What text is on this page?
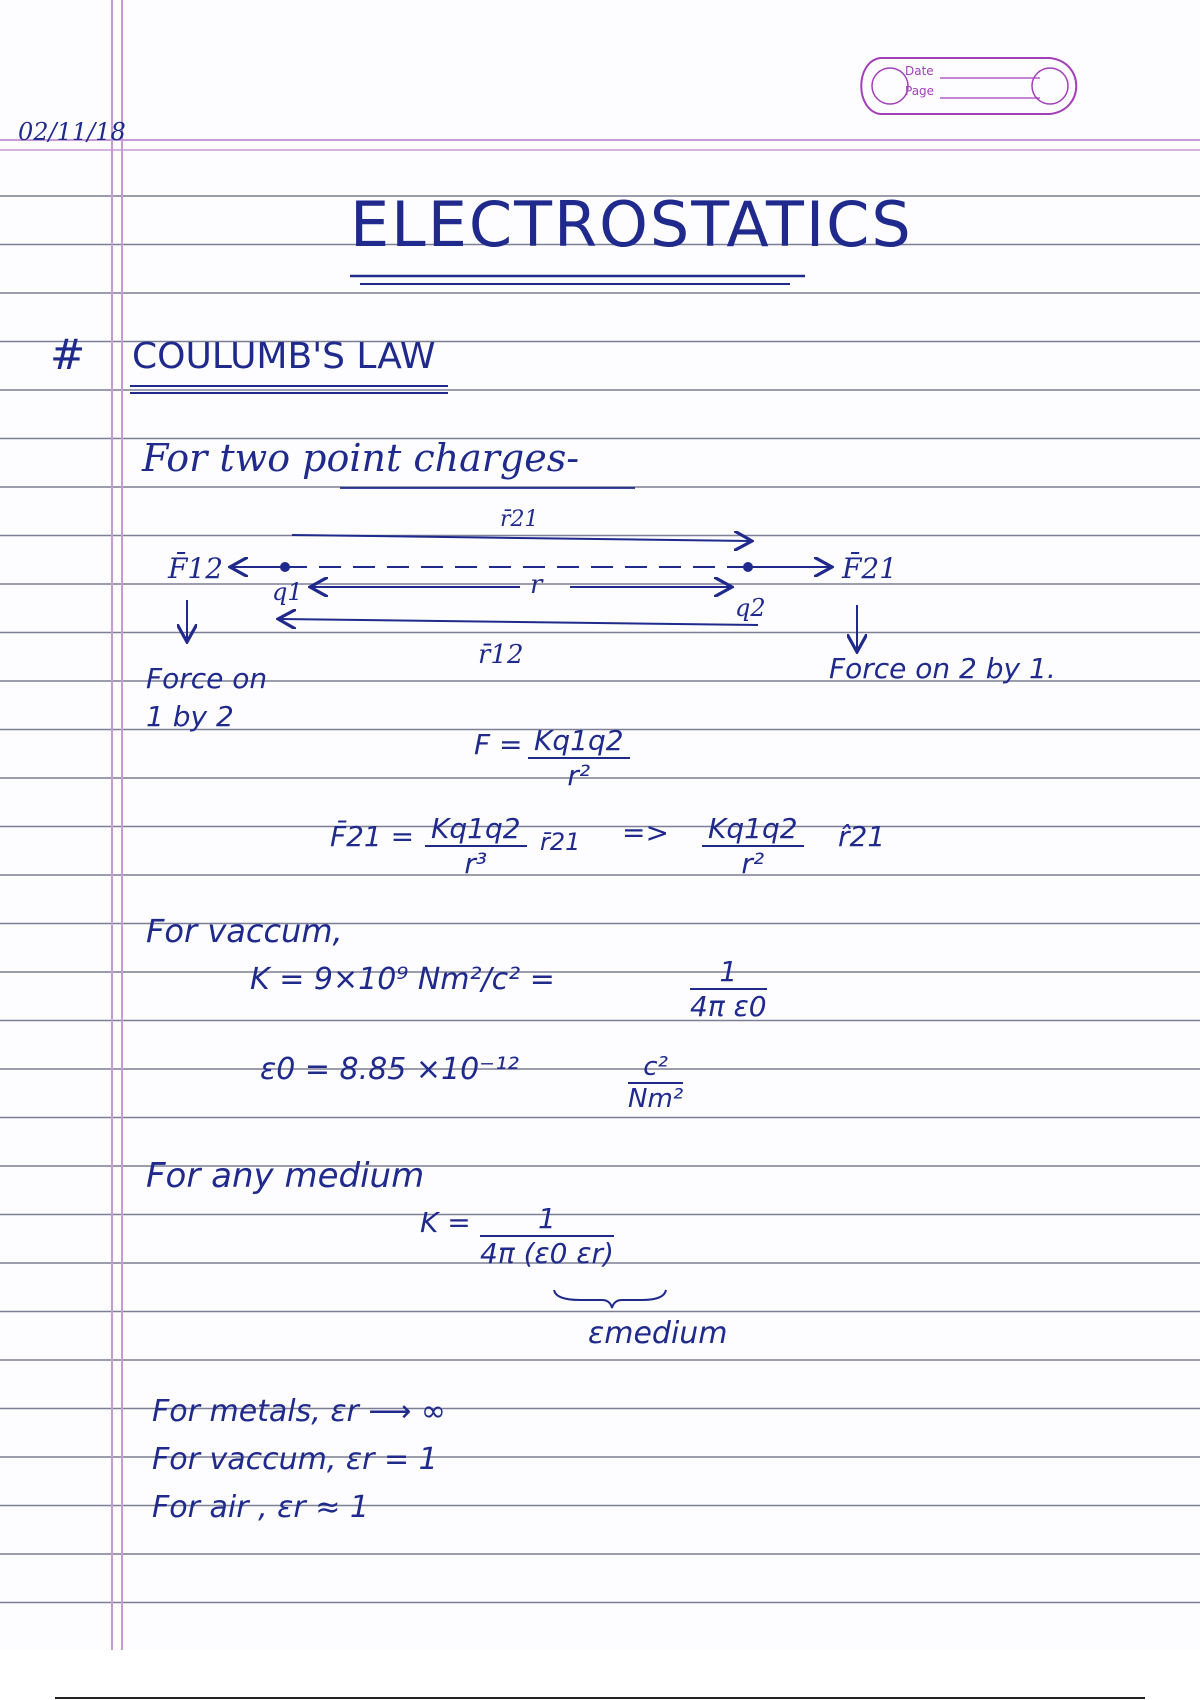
Date
Page
02/11/18
ELECTROSTATICS
# COULUMB'S LAW
For two point charges-
r̄21
F̄12
q1	r
q2
F̄21
r̄12
Force on
1 by 2
Force on 2 by 1.
$F = \frac{Kq1q2}{\text{r²}}$
F̄21 = $\frac{Kq1q2}{\text{r³}}$ r̄21 => $\frac{Kq1q2}{\text{r²}}$ r̂21
For vaccum,
K = 9×10⁹ Nm²/c² =	$\frac{1}{\text{4π ε0}}$
ε0 = 8.85 ×10⁻¹²	$\frac{\text{c²}}{\text{Nm²}}$
For any medium
$K = \frac{1}{4\pi (\varepsilon 0 \varepsilon r)}$
εmedium
For metals, εr ⟶ ∞
For vaccum, εr = 1
For air , εr ≈ 1
